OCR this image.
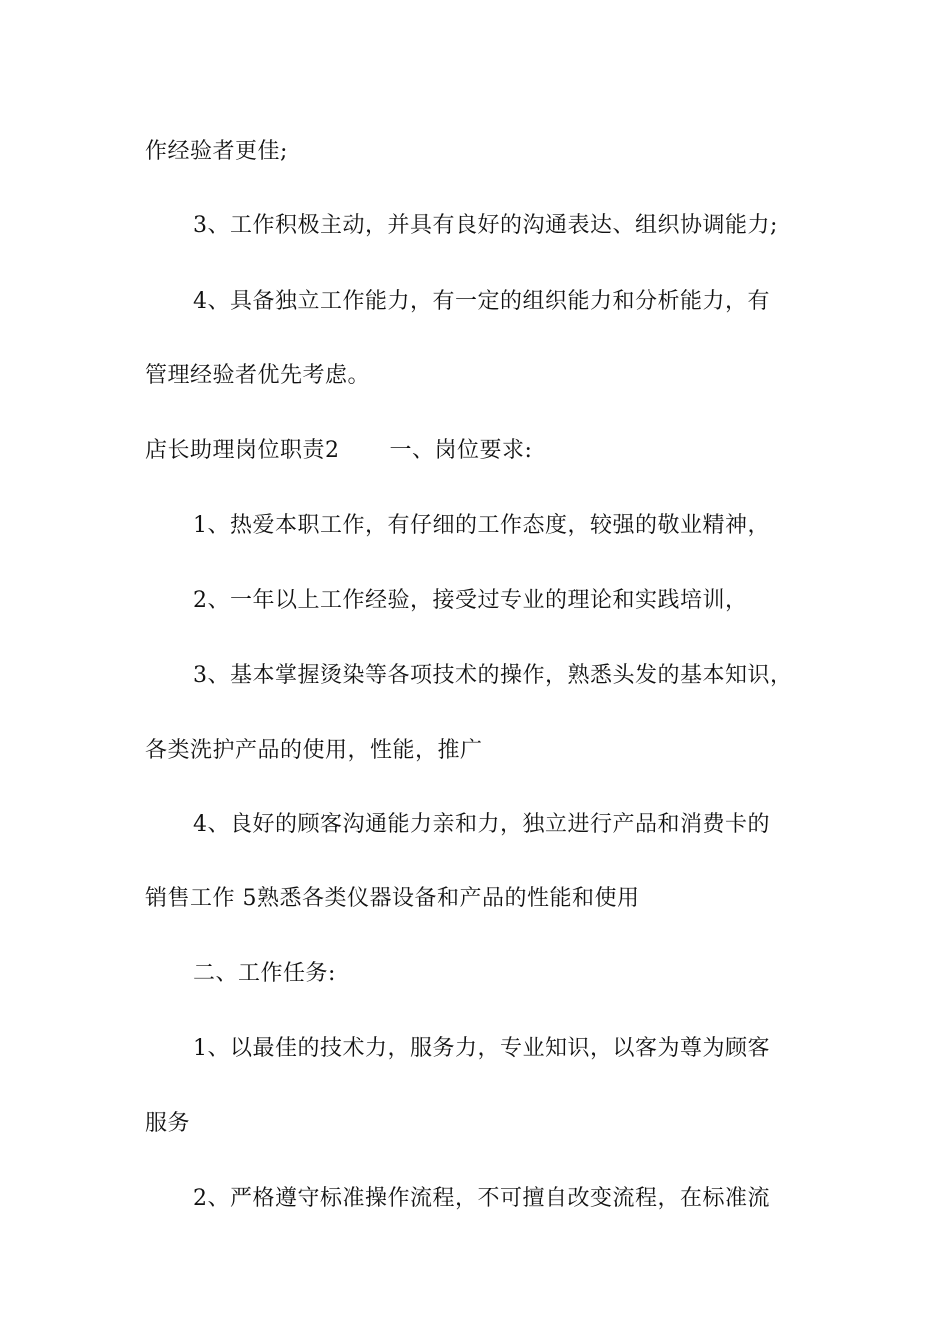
作经验者更佳;
3、工作积极主动，并具有良好的沟通表达、组织协调能力;
4、具备独立工作能力，有一定的组织能力和分析能力，有
管理经验者优先考虑。
店长助理岗位职责2 一、岗位要求:
1、热爱本职工作，有仔细的工作态度，较强的敬业精神，
2、一年以上工作经验，接受过专业的理论和实践培训，
3、基本掌握烫染等各项技术的操作，熟悉头发的基本知识，
各类洗护产品的使用，性能，推广
4、良好的顾客沟通能力亲和力，独立进行产品和消费卡的
销售工作 5熟悉各类仪器设备和产品的性能和使用
二、工作任务:
1、以最佳的技术力，服务力，专业知识，以客为尊为顾客
服务
2、严格遵守标准操作流程，不可擅自改变流程，在标准流
